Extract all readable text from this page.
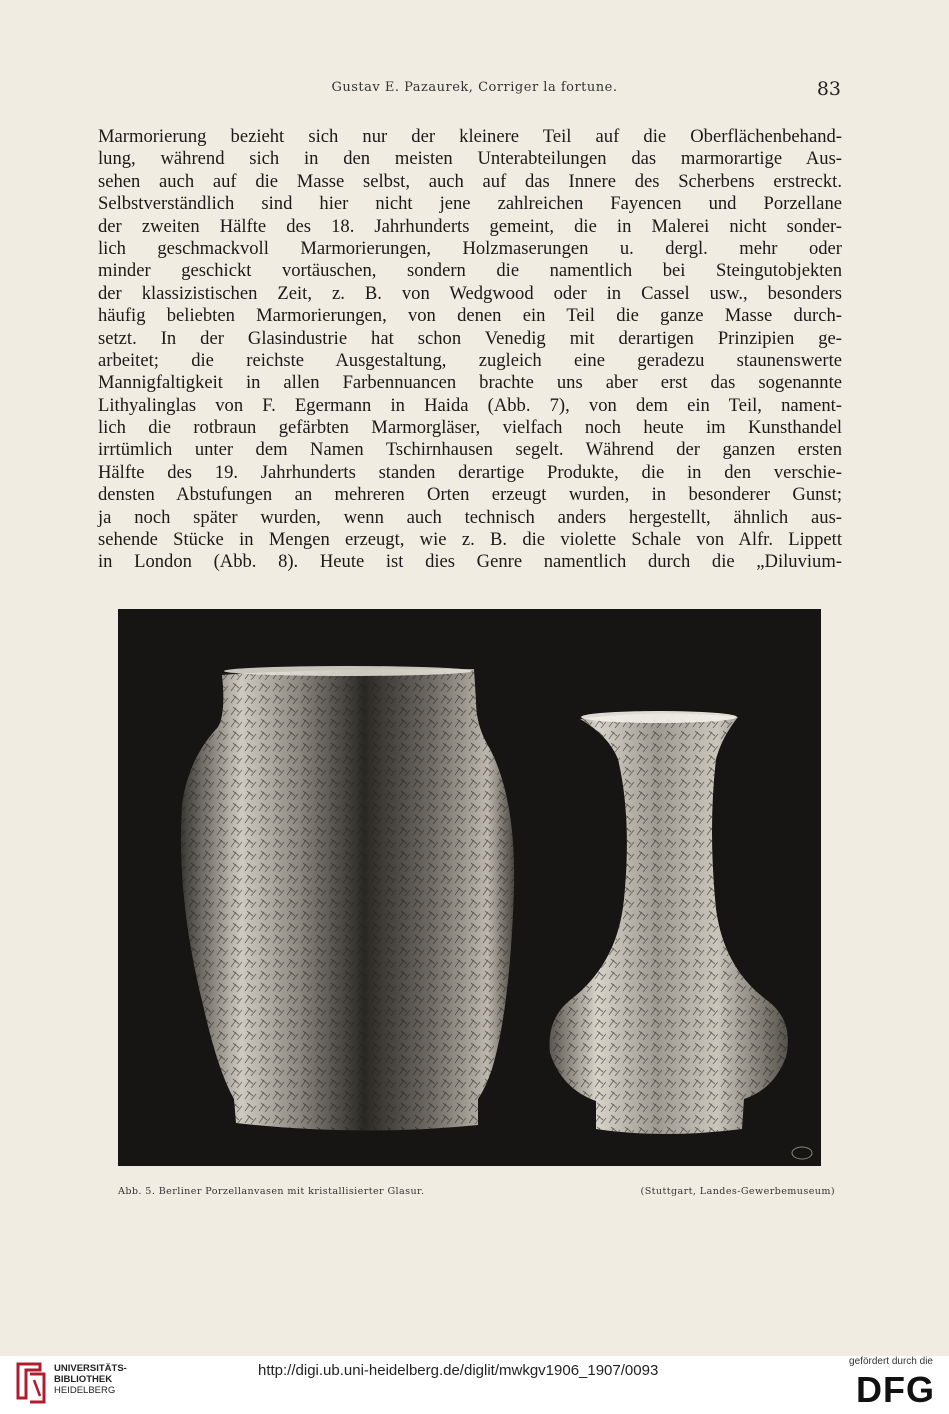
Gustav E. Pazaurek, Corriger la fortune.	83
Marmorierung bezieht sich nur der kleinere Teil auf die Oberflächenbehand-
lung, während sich in den meisten Unterabteilungen das marmorartige Aus-
sehen auch auf die Masse selbst, auch auf das Innere des Scherbens erstreckt.
Selbstverständlich sind hier nicht jene zahlreichen Fayencen und Porzellane
der zweiten Hälfte des 18. Jahrhunderts gemeint, die in Malerei nicht sonder-
lich geschmackvoll Marmorierungen, Holzmaserungen u. dergl. mehr oder
minder geschickt vortäuschen, sondern die namentlich bei Steingutobjekten
der klassizistischen Zeit, z. B. von Wedgwood oder in Cassel usw., besonders
häufig beliebten Marmorierungen, von denen ein Teil die ganze Masse durch-
setzt. In der Glasindustrie hat schon Venedig mit derartigen Prinzipien ge-
arbeitet; die reichste Ausgestaltung, zugleich eine geradezu staunenswerte
Mannigfaltigkeit in allen Farbennuancen brachte uns aber erst das sogenannte
Lithyalinglas von F. Egermann in Haida (Abb. 7), von dem ein Teil, nament-
lich die rotbraun gefärbten Marmorgläser, vielfach noch heute im Kunsthandel
irrtümlich unter dem Namen Tschirnhausen segelt. Während der ganzen ersten
Hälfte des 19. Jahrhunderts standen derartige Produkte, die in den verschie-
densten Abstufungen an mehreren Orten erzeugt wurden, in besonderer Gunst;
ja noch später wurden, wenn auch technisch anders hergestellt, ähnlich aus-
sehende Stücke in Mengen erzeugt, wie z. B. die violette Schale von Alfr. Lippett
in London (Abb. 8). Heute ist dies Genre namentlich durch die „Diluvium-
Abb. 5. Berliner Porzellanvasen mit kristallisierter Glasur.	(Stuttgart, Landes-Gewerbemuseum)
UNIVERSITÄTS-
BIBLIOTHEK
HEIDELBERG
http://digi.ub.uni-heidelberg.de/diglit/mwkgv1906_1907/0093
gefördert durch die
DFG
